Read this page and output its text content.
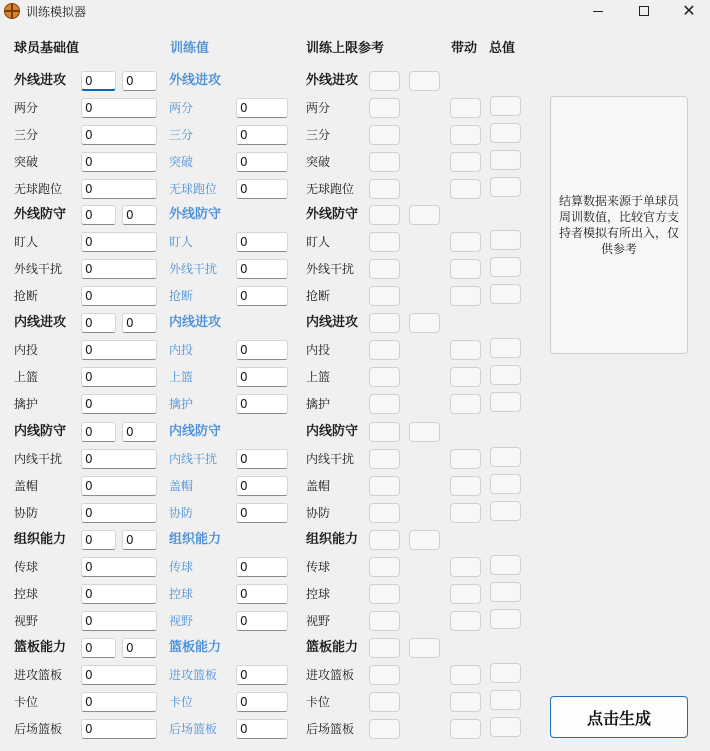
训练模拟器	✕
球员基础值	训练值	训练上限参考	带动 总值
外线进攻	0	0	外线进攻	外线进攻
两分	0	两分	0	两分
三分	0	三分	0	三分
突破	0	突破	0	突破
无球跑位	0	无球跑位	0	无球跑位
外线防守	0	0	外线防守	外线防守
盯人	0	盯人	0	盯人
外线干扰	0	外线干扰	0	外线干扰
抢断	0	抢断	0	抢断
内线进攻	0	0	内线进攻	内线进攻
内投	0	内投	0	内投
上篮	0	上篮	0	上篮
擒护	0	擒护	0	擒护
内线防守	0	0	内线防守	内线防守
内线干扰	0	内线干扰	0	内线干扰
盖帽	0	盖帽	0	盖帽
协防	0	协防	0	协防
组织能力	0	0	组织能力	组织能力
传球	0	传球	0	传球
控球	0	控球	0	控球
视野	0	视野	0	视野
篮板能力	0	0	篮板能力	篮板能力
进攻篮板	0	进攻篮板	0	进攻篮板
卡位	0	卡位	0	卡位
后场篮板	0	后场篮板	0	后场篮板
结算数据来源于单球员周训数值，比较官方支持者模拟有所出入，仅供参考
点击生成
